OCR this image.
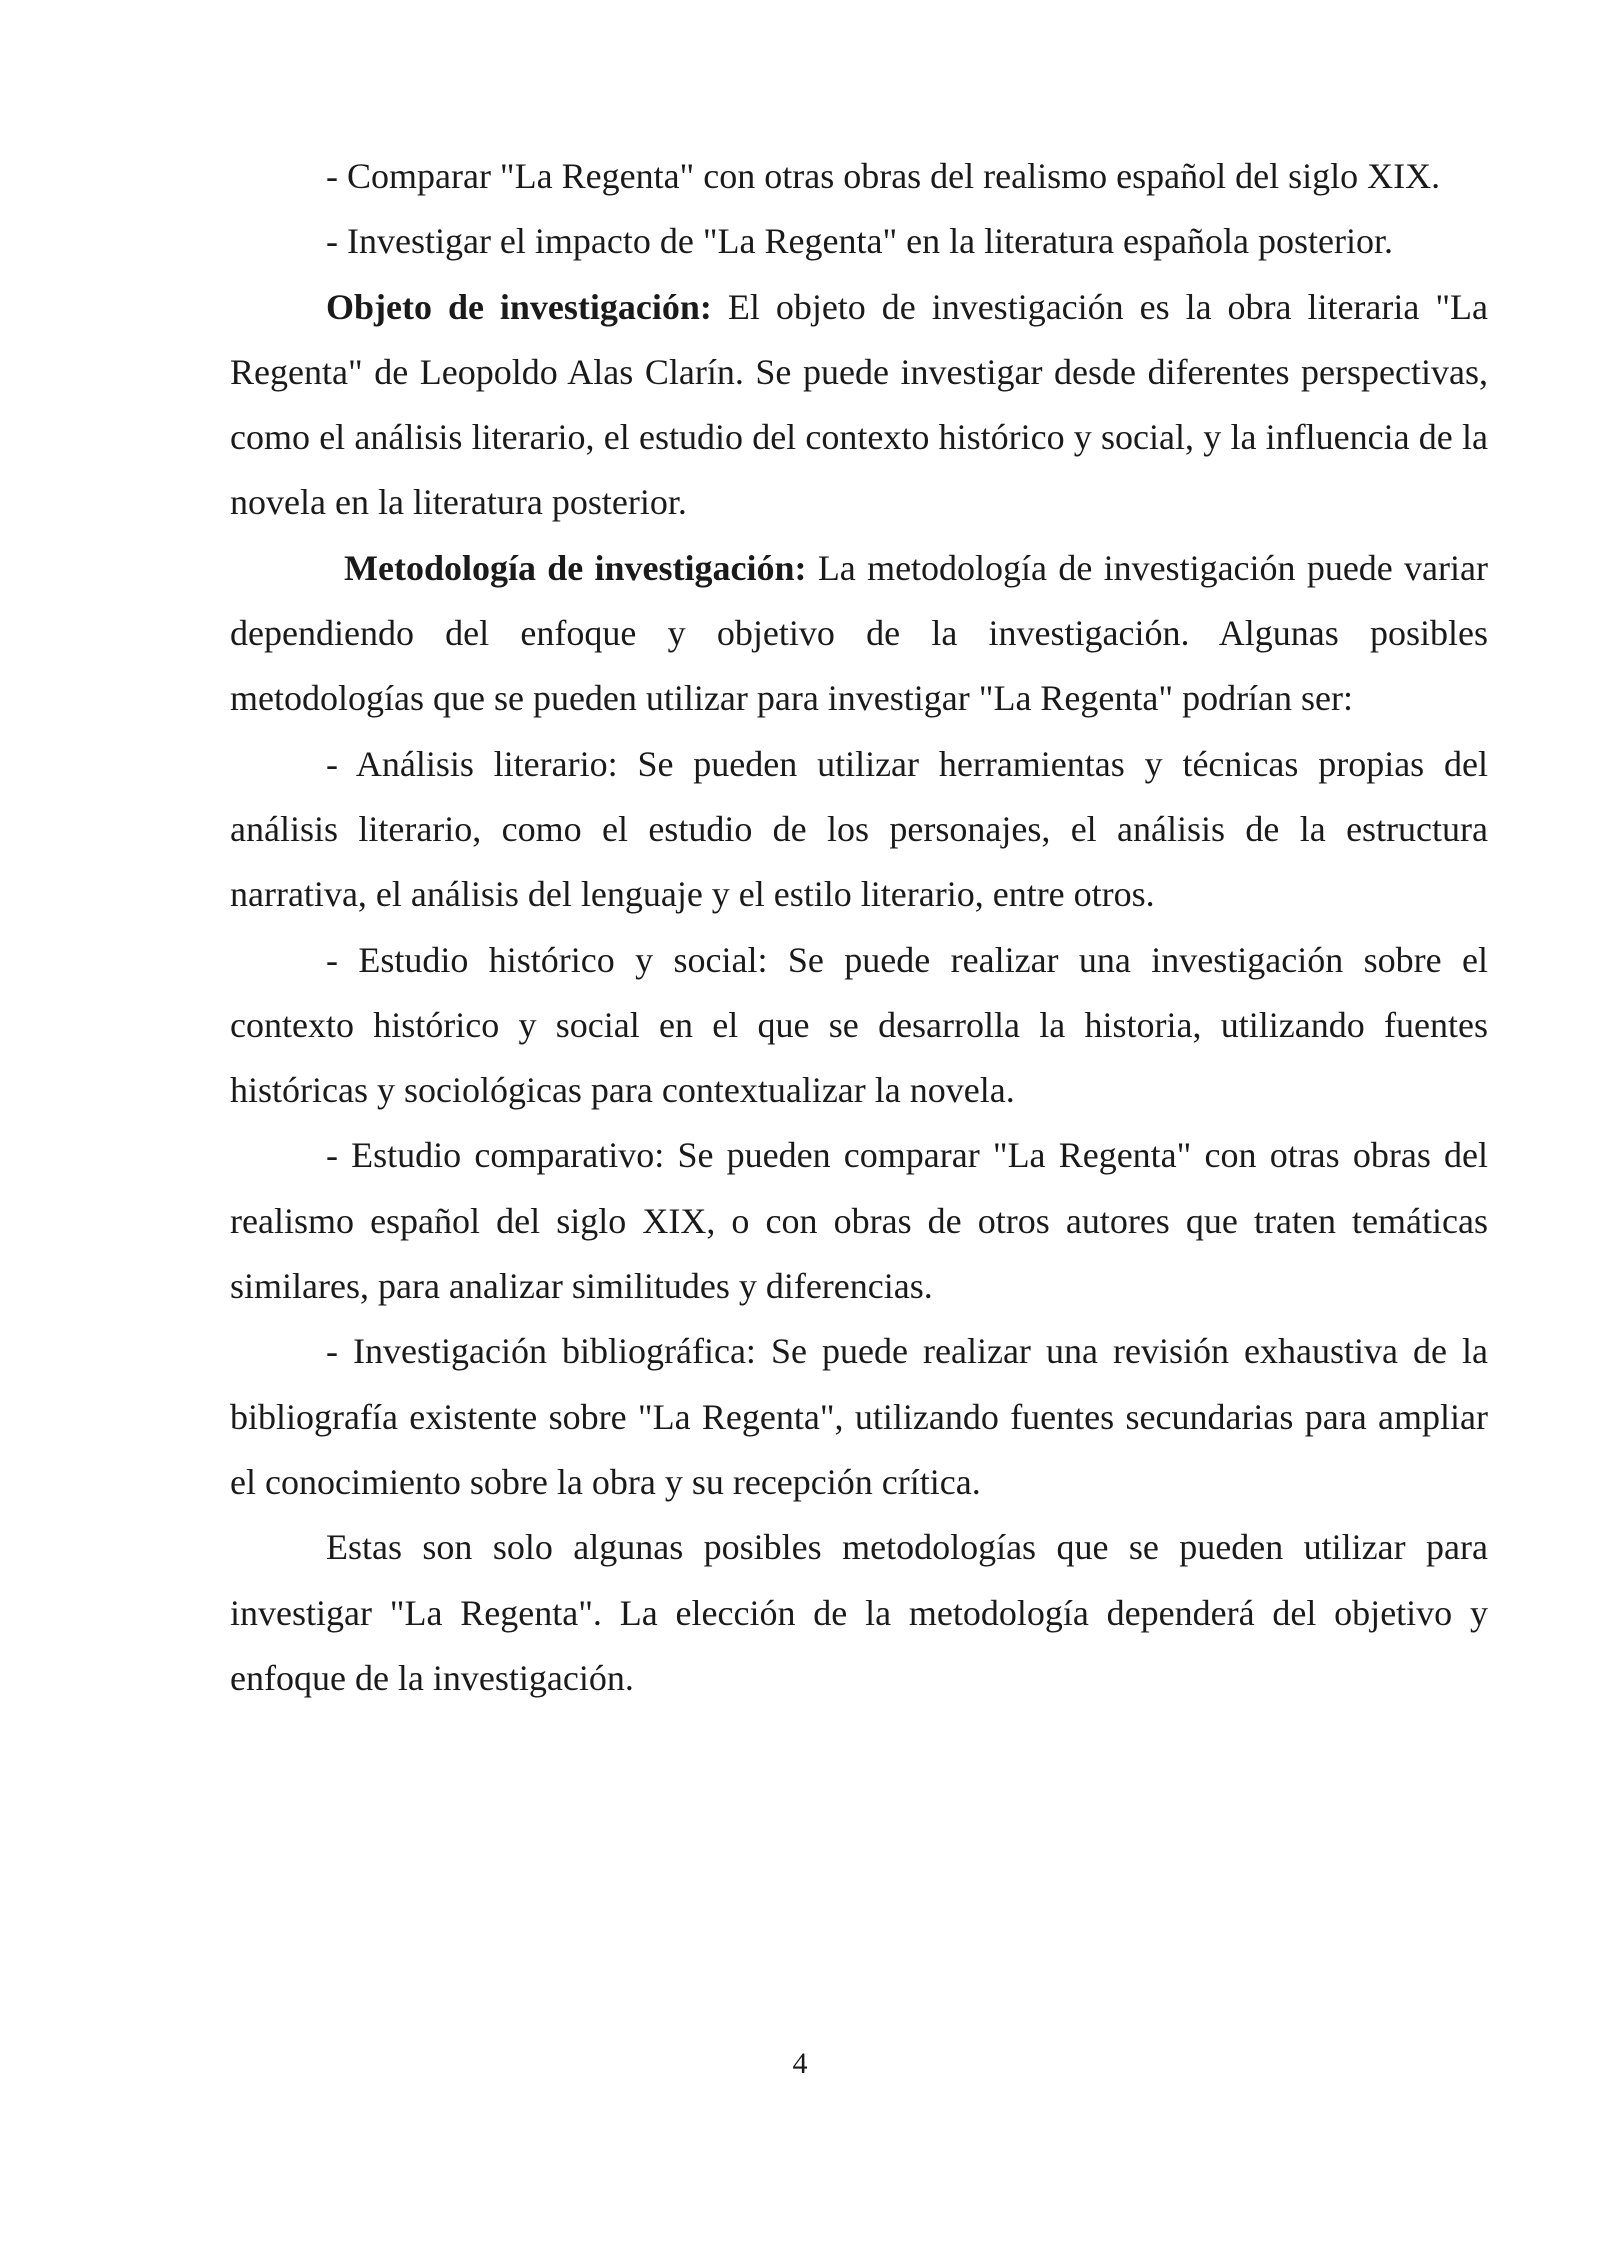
- Comparar "La Regenta" con otras obras del realismo español del siglo XIX.

- Investigar el impacto de "La Regenta" en la literatura española posterior.

Objeto de investigación: El objeto de investigación es la obra literaria "La Regenta" de Leopoldo Alas Clarín. Se puede investigar desde diferentes perspectivas, como el análisis literario, el estudio del contexto histórico y social, y la influencia de la novela en la literatura posterior.

Metodología de investigación: La metodología de investigación puede variar dependiendo del enfoque y objetivo de la investigación. Algunas posibles metodologías que se pueden utilizar para investigar "La Regenta" podrían ser:

- Análisis literario: Se pueden utilizar herramientas y técnicas propias del análisis literario, como el estudio de los personajes, el análisis de la estructura narrativa, el análisis del lenguaje y el estilo literario, entre otros.

- Estudio histórico y social: Se puede realizar una investigación sobre el contexto histórico y social en el que se desarrolla la historia, utilizando fuentes históricas y sociológicas para contextualizar la novela.

- Estudio comparativo: Se pueden comparar "La Regenta" con otras obras del realismo español del siglo XIX, o con obras de otros autores que traten temáticas similares, para analizar similitudes y diferencias.

- Investigación bibliográfica: Se puede realizar una revisión exhaustiva de la bibliografía existente sobre "La Regenta", utilizando fuentes secundarias para ampliar el conocimiento sobre la obra y su recepción crítica.

Estas son solo algunas posibles metodologías que se pueden utilizar para investigar "La Regenta". La elección de la metodología dependerá del objetivo y enfoque de la investigación.

4
